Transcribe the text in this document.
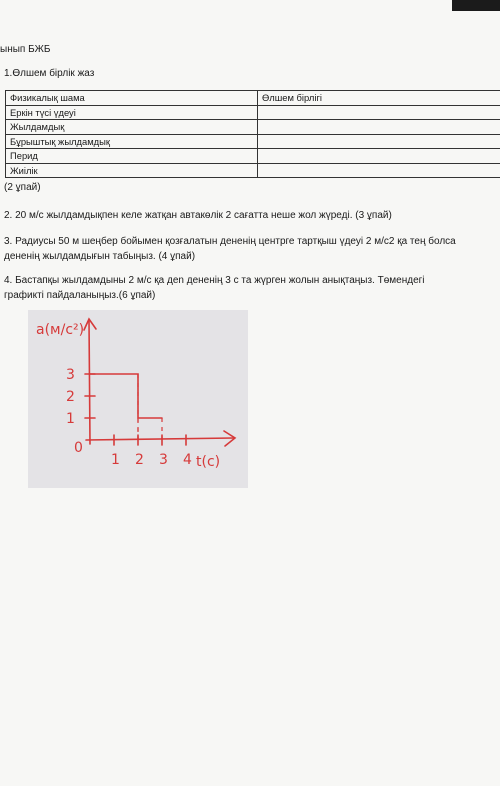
ынып БЖБ
1.Өлшем бірлік жаз
Физикалық шама	Өлшем бірлігі
Еркін түсі үдеуі	
Жылдамдық	
Бұрыштық жылдамдық	
Перид	
Жиілік	
(2 ұпай)
2. 20 м/с жылдамдықпен келе жатқан автакөлік 2 сағатта неше жол жүреді. (3 ұпай)
3. Радиусы 50 м шеңбер бойымен қозғалатын дененің центрге тартқыш үдеуі 2 м/с2 қа тең болса
дененің жылдамдығын табыңыз. (4 ұпай)
4. Бастапқы жылдамдыны 2 м/с қа деn дененің 3 с та жүрген жолын анықтаңыз. Төмендегі
графикті пайдаланыңыз.(6 ұпай)
1 2 3 4
1
2
3
0
a(м/с²)
t(c)
